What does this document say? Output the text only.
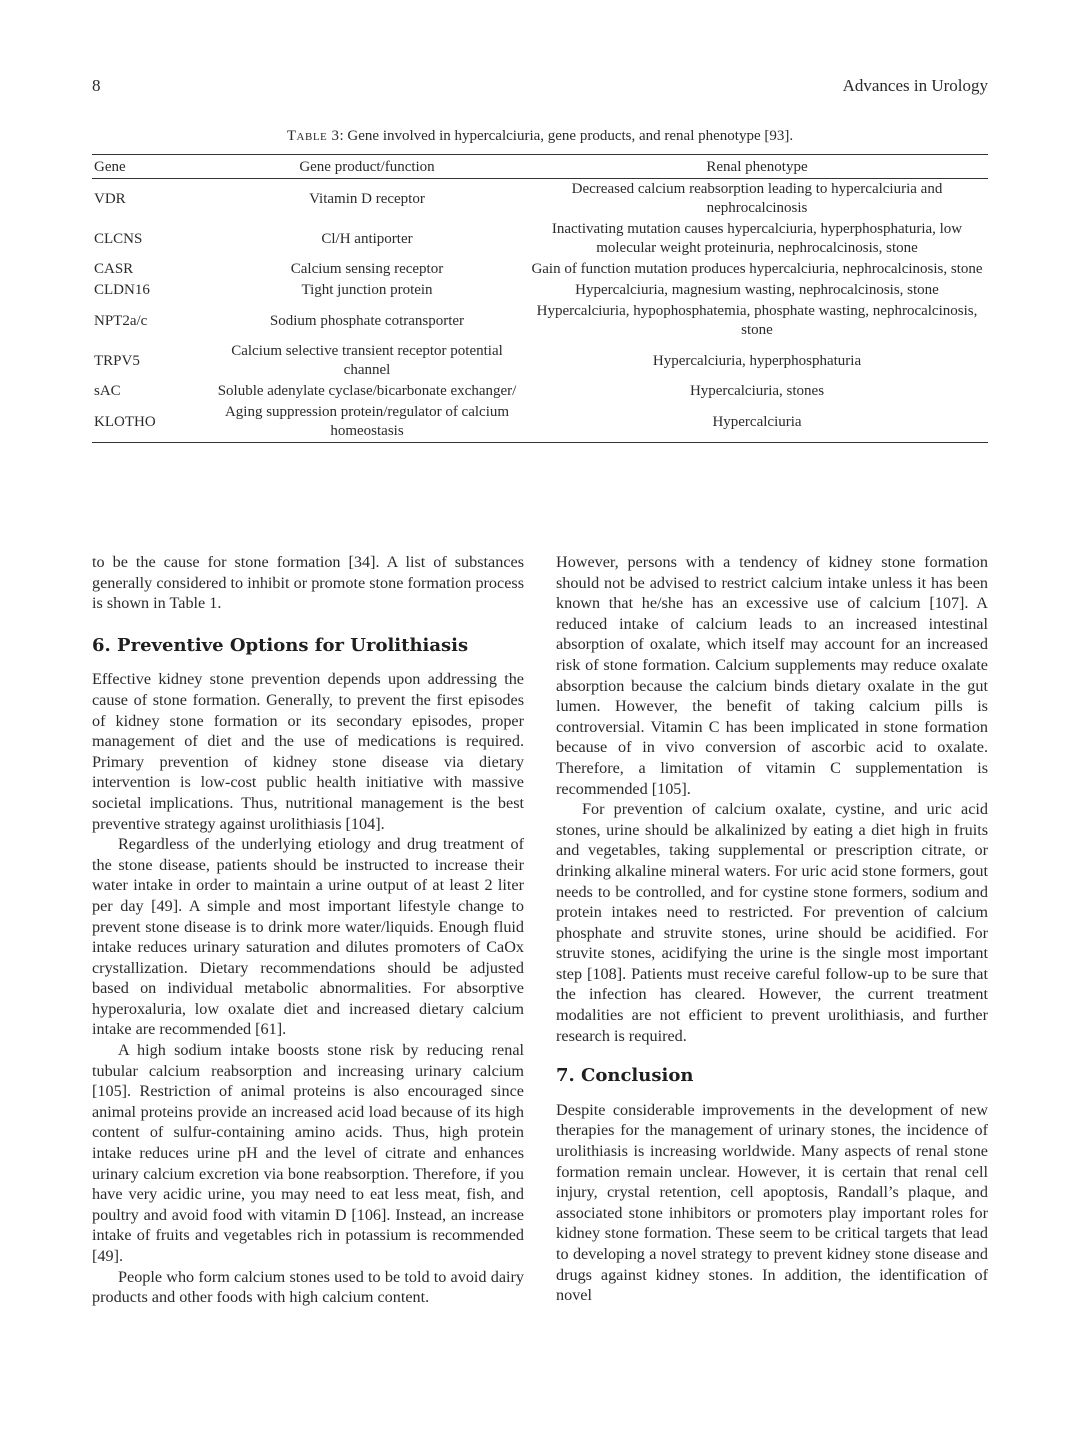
8	Advances in Urology
Table 3: Gene involved in hypercalciuria, gene products, and renal phenotype [93].
Gene	Gene product/function	Renal phenotype
VDR	Vitamin D receptor	Decreased calcium reabsorption leading to hypercalciuria and nephrocalcinosis
CLCNS	Cl/H antiporter	Inactivating mutation causes hypercalciuria, hyperphosphaturia, low molecular weight proteinuria, nephrocalcinosis, stone
CASR	Calcium sensing receptor	Gain of function mutation produces hypercalciuria, nephrocalcinosis, stone
CLDN16	Tight junction protein	Hypercalciuria, magnesium wasting, nephrocalcinosis, stone
NPT2a/c	Sodium phosphate cotransporter	Hypercalciuria, hypophosphatemia, phosphate wasting, nephrocalcinosis, stone
TRPV5	Calcium selective transient receptor potential channel	Hypercalciuria, hyperphosphaturia
sAC	Soluble adenylate cyclase/bicarbonate exchanger/	Hypercalciuria, stones
KLOTHO	Aging suppression protein/regulator of calcium homeostasis	Hypercalciuria

to be the cause for stone formation [34]. A list of substances generally considered to inhibit or promote stone formation process is shown in Table 1.

6. Preventive Options for Urolithiasis

Effective kidney stone prevention depends upon addressing the cause of stone formation. Generally, to prevent the first episodes of kidney stone formation or its secondary episodes, proper management of diet and the use of medications is required. Primary prevention of kidney stone disease via dietary intervention is low-cost public health initiative with massive societal implications. Thus, nutritional management is the best preventive strategy against urolithiasis [104].

Regardless of the underlying etiology and drug treatment of the stone disease, patients should be instructed to increase their water intake in order to maintain a urine output of at least 2 liter per day [49]. A simple and most important lifestyle change to prevent stone disease is to drink more water/liquids. Enough fluid intake reduces urinary saturation and dilutes promoters of CaOx crystallization. Dietary recommendations should be adjusted based on individual metabolic abnormalities. For absorptive hyperoxaluria, low oxalate diet and increased dietary calcium intake are recommended [61].

A high sodium intake boosts stone risk by reducing renal tubular calcium reabsorption and increasing urinary calcium [105]. Restriction of animal proteins is also encouraged since animal proteins provide an increased acid load because of its high content of sulfur-containing amino acids. Thus, high protein intake reduces urine pH and the level of citrate and enhances urinary calcium excretion via bone reabsorption. Therefore, if you have very acidic urine, you may need to eat less meat, fish, and poultry and avoid food with vitamin D [106]. Instead, an increase intake of fruits and vegetables rich in potassium is recommended [49].

People who form calcium stones used to be told to avoid dairy products and other foods with high calcium content.

However, persons with a tendency of kidney stone formation should not be advised to restrict calcium intake unless it has been known that he/she has an excessive use of calcium [107]. A reduced intake of calcium leads to an increased intestinal absorption of oxalate, which itself may account for an increased risk of stone formation. Calcium supplements may reduce oxalate absorption because the calcium binds dietary oxalate in the gut lumen. However, the benefit of taking calcium pills is controversial. Vitamin C has been implicated in stone formation because of in vivo conversion of ascorbic acid to oxalate. Therefore, a limitation of vitamin C supplementation is recommended [105].

For prevention of calcium oxalate, cystine, and uric acid stones, urine should be alkalinized by eating a diet high in fruits and vegetables, taking supplemental or prescription citrate, or drinking alkaline mineral waters. For uric acid stone formers, gout needs to be controlled, and for cystine stone formers, sodium and protein intakes need to restricted. For prevention of calcium phosphate and struvite stones, urine should be acidified. For struvite stones, acidifying the urine is the single most important step [108]. Patients must receive careful follow-up to be sure that the infection has cleared. However, the current treatment modalities are not efficient to prevent urolithiasis, and further research is required.

7. Conclusion

Despite considerable improvements in the development of new therapies for the management of urinary stones, the incidence of urolithiasis is increasing worldwide. Many aspects of renal stone formation remain unclear. However, it is certain that renal cell injury, crystal retention, cell apoptosis, Randall’s plaque, and associated stone inhibitors or promoters play important roles for kidney stone formation. These seem to be critical targets that lead to developing a novel strategy to prevent kidney stone disease and drugs against kidney stones. In addition, the identification of novel
